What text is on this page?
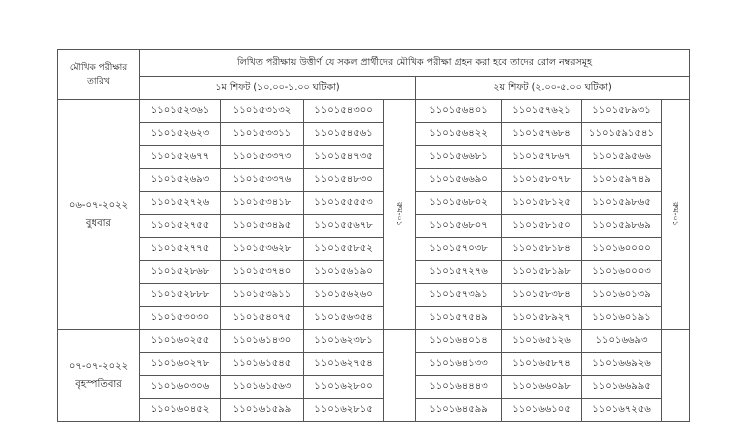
মৌখিক পরীক্ষার
তারিখ	লিখিত পরীক্ষায় উত্তীর্ণ যে সকল প্রার্থীদের মৌখিক পরীক্ষা গ্রহন করা হবে তাদের রোল নম্বরসমূহ							
	১ম শিফট (১০.০০-১.০০ ঘটিকা)				২য় শিফট (২.০০-৫.০০ ঘটিকা)			

০৬-০৭-২০২২
বুধবার	১১০১৫২৩৬১	১১০১৫৩১৩২	১১০১৫৪৩০০	রুম-০১	১১০১৫৬৪০১	১১০১৫৭৬২১	১১০১৫৮৯৩১	রুম-০১
	১১০১৫২৬২৩	১১০১৫৩৩১১	১১০১৫৪৫৬১		১১০১৫৬৪২২	১১০১৫৭৬৮৪	১১০১৫৯১৫৪১	
	১১০১৫২৬৭৭	১১০১৫৩৩৭৩	১১০১৫৪৭৩৫		১১০১৫৬৬৮১	১১০১৫৭৮৬৭	১১০১৫৯৫৬৬	
	১১০১৫২৬৯৩	১১০১৫৩৩৭৬	১১০১৫৪৮৩০		১১০১৫৬৬৯০	১১০১৫৮০৭৮	১১০১৫৯৭৪৯	
	১১০১৫২৭২৬	১১০১৫৩৪১৮	১১০১৫৫৫৫৩		১১০১৫৬৮০২	১১০১৫৮১২৫	১১০১৫৯৮৬৫	
	১১০১৫২৭৫৫	১১০১৫৩৪৯৫	১১০১৫৫৬৭৮		১১০১৫৬৮০৭	১১০১৫৮১৫০	১১০১৫৯৮৬৯	
	১১০১৫২৭৭৫	১১০১৫৩৬২৮	১১০১৫৫৮৫২		১১০১৫৭০৩৮	১১০১৫৮১৮৪	১১০১৬০০০০	
	১১০১৫২৮৬৮	১১০১৫৩৭৪০	১১০১৫৬১৯০		১১০১৫৭২৭৬	১১০১৫৮১৯৮	১১০১৬০০০৩	
	১১০১৫২৮৮৮	১১০১৫৩৯১১	১১০১৫৬২৬০		১১০১৫৭৩৯১	১১০১৫৮৩৮৪	১১০১৬০১৩৯	
	১১০১৫৩০৩০	১১০১৫৪০৭৫	১১০১৫৬৩৫৪		১১০১৫৭৫৪৯	১১০১৫৮৯২৭	১১০১৬০১৯১	

০৭-০৭-২০২২
বৃহস্পতিবার	১১০১৬০২৫৫	১১০১৬১৪৩০	১১০১৬২৩৮১		১১০১৬৪০১৪	১১০১৬৫১২৬	১১০১৬৬৯৩	
	১১০১৬০২৭৮	১১০১৬১৫৪৫	১১০১৬২৭৫৪		১১০১৬৪১৩৩	১১০১৬৫৮৭৪	১১০১৬৬৯২৬	
	১১০১৬০৩০৬	১১০১৬১৫৬৩	১১০১৬২৮০০		১১০১৬৪৪৪৩	১১০১৬৬০৯৮	১১০১৬৬৯৯৫	
	১১০১৬০৪৫২	১১০১৬১৫৯৯	১১০১৬২৮১৫		১১০১৬৪৫৯৯	১১০১৬৬১০৫	১১০১৬৭২৫৬	
